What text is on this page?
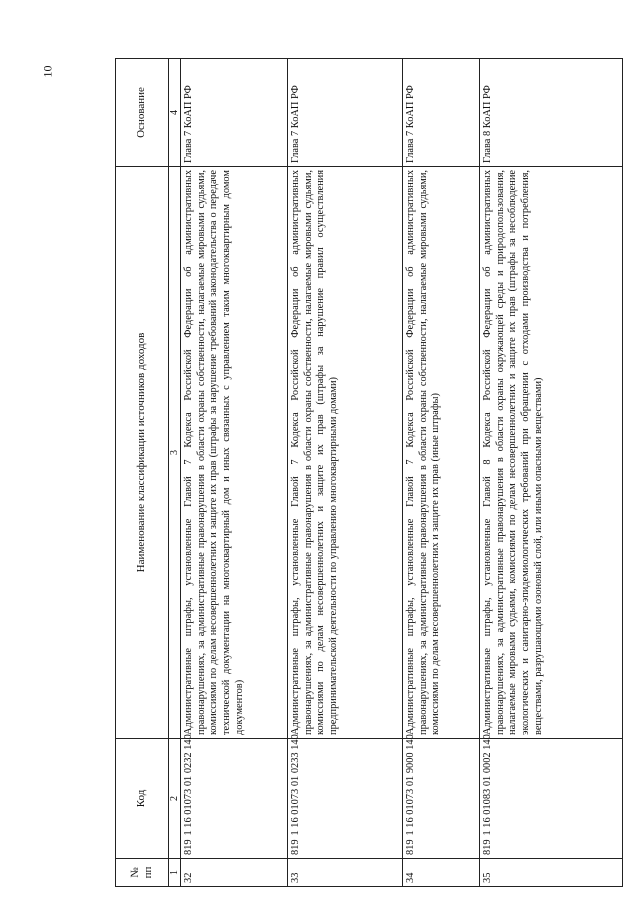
10
№ пп	Код		Наименование классификации источников доходов	Основание
1	2		3	4
32	819	1 16 01073 01 0232 140	Административные штрафы, установленные Главой 7 Кодекса Российской Федерации об административных правонарушениях, за административные правонарушения в области охраны собственности, налагаемые мировыми судьями, комиссиями по делам несовершеннолетних и защите их прав (штрафы за нарушение требований законодательства о передаче технической документации на многоквартирный дом и иных связанных с управлением таким многоквартирным домом документов)	Глава 7 КоАП РФ
33	819	1 16 01073 01 0233 140	Административные штрафы, установленные Главой 7 Кодекса Российской Федерации об административных правонарушениях, за административные правонарушения в области охраны собственности, налагаемые мировыми судьями, комиссиями по делам несовершеннолетних и защите их прав (штрафы за нарушение правил осуществления предпринимательской деятельности по управлению многоквартирными домами)	Глава 7 КоАП РФ
34	819	1 16 01073 01 9000 140	Административные штрафы, установленные Главой 7 Кодекса Российской Федерации об административных правонарушениях, за административные правонарушения в области охраны собственности, налагаемые мировыми судьями, комиссиями по делам несовершеннолетних и защите их прав (иные штрафы)	Глава 7 КоАП РФ
35	819	1 16 01083 01 0002 140	Административные штрафы, установленные Главой 8 Кодекса Российской Федерации об административных правонарушениях, за административные правонарушения в области охраны окружающей среды и природопользования, налагаемые мировыми судьями, комиссиями по делам несовершеннолетних и защите их прав (штрафы за несоблюдение экологических и санитарно-эпидемиологических требований при обращении с отходами производства и потребления, веществами, разрушающими озоновый слой, или иными опасными веществами)	Глава 8 КоАП РФ
